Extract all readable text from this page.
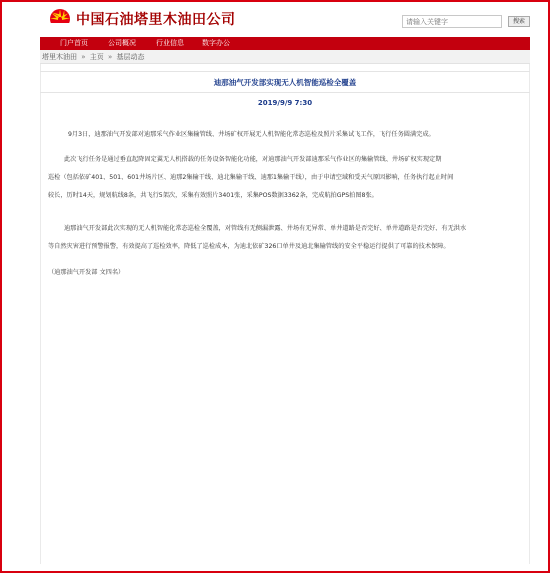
中国石油塔里木油田公司
请输入关键字	搜索
门户首页	公司概况	行业信息	数字办公
塔里木油田 » 主页 » 基层动态
迪那油气开发部实现无人机智能巡检全覆盖
2019/9/9 7:30
9月3日，迪那油气开发部对迪那采气作业区集输管线、井场矿权开展无人机智能化常态巡检及照片采集试飞工作，飞行任务圆满完成。
此次飞行任务是通过垂直起降固定翼无人机搭载的任务设备智能化功能，对迪那油气开发部迪那采气作业区的集输管线、井场矿权实现定期
巡检（包括依矿401、501、601井场片区、迪那2集输干线、迪北集输干线、迪那1集输干线），由于申请空域和受天气原因影响，任务执行起止时间
较长，历时14天，规划航线8条，共飞行5架次，采集有效照片3401张，采集POS数据3362条，完成航拍GPS拍图8张。
迪那油气开发部此次实现的无人机智能化常态巡检全覆盖，对管线有无侧漏泄露、井场有无异常、单井道路是否完好、单井道路是否完好、有无洪水
等自然灾害进行预警报警，有效提高了巡检效率，降低了巡检成本，为迪北依矿326口单井及迪北集输管线的安全平稳运行提供了可靠的技术保障。
（迪那油气开发部 文四名）
